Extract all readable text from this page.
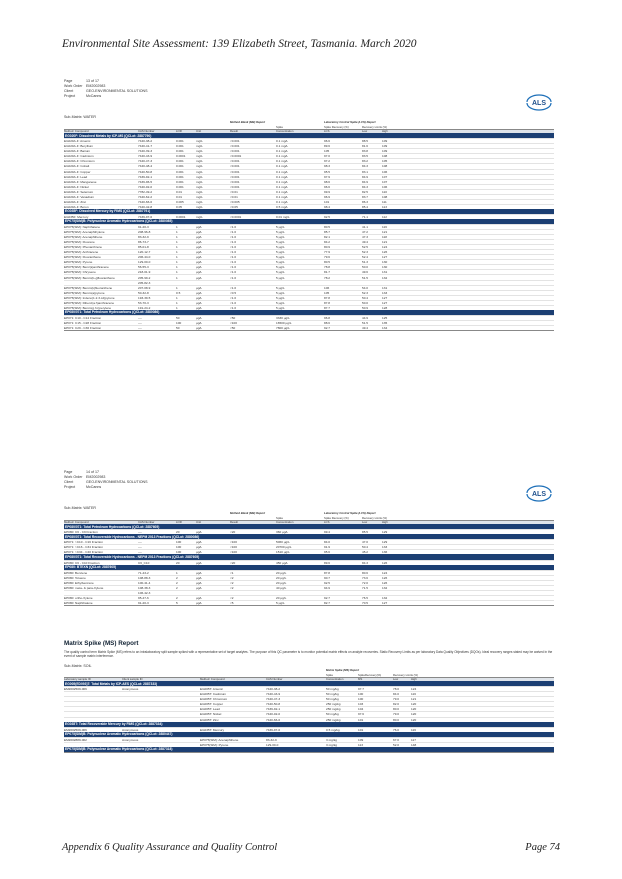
Environmental Site Assessment: 139 Elizabeth Street, Tasmania. March 2020
Page	13 of 17
Work Order EM2002983
Client	GEO-ENVIRONMENTAL SOLUTIONS
Project	McCanns
ALS
Sub-Matrix: WATER
Method Blank (MB) Report	Laboratory Control Spike (LCS) Report
Spike	Spike Recovery (%)	Recovery Limits (%)
Method: Compound	CAS Number	LOR	Unit	Result	Concentration	LCS	Low	High
EG020F: Dissolved Metals by ICP-MS (QCLot: 2887790)
EG020A-F: Arsenic	7440-38-2	0.001	mg/L	<0.001	0.1 mg/L	96.6	88.5	109
EG020A-F: Beryllium	7440-41-7	0.001	mg/L	<0.001	0.1 mg/L	89.6	81.6	109
EG020A-F: Barium	7440-39-3	0.001	mg/L	<0.001	0.1 mg/L	105	83.8	109
EG020A-F: Cadmium	7440-43-9	0.0001	mg/L	<0.0001	0.1 mg/L	97.0	83.5	108
EG020A-F: Chromium	7440-47-3	0.001	mg/L	<0.001	0.1 mg/L	97.2	83.2	105
EG020A-F: Cobalt	7440-48-4	0.001	mg/L	<0.001	0.1 mg/L	98.3	84.3	108
EG020A-F: Copper	7440-50-8	0.001	mg/L	<0.001	0.1 mg/L	95.5	83.1	106
EG020A-F: Lead	7439-92-1	0.001	mg/L	<0.001	0.1 mg/L	97.9	84.9	107
EG020A-F: Manganese	7439-96-5	0.001	mg/L	<0.001	0.1 mg/L	98.6	84.9	107
EG020A-F: Nickel	7440-02-0	0.001	mg/L	<0.001	0.1 mg/L	96.6	84.3	106
EG020A-F: Selenium	7782-49-2	0.01	mg/L	<0.01	0.1 mg/L	99.9	82.5	110
EG020A-F: Vanadium	7440-62-2	0.01	mg/L	<0.01	0.1 mg/L	96.9	83.7	108
EG020A-F: Zinc	7440-66-6	0.005	mg/L	<0.005	0.1 mg/L	101	86.3	111
EG020A-F: Boron	7440-42-8	0.05	mg/L	<0.05	0.5 mg/L	98.4	85.4	113
EG035F: Dissolved Mercury by FIMS (QCLot: 2887791)
EG035F: Mercury	7439-97-6	0.0001	mg/L	<0.0001	0.01 mg/L	92.5	71.1	112
EP075(SIM)B: Polynuclear Aromatic Hydrocarbons (QCLot: 2880085)
EP075(SIM): Naphthalene	91-20-3	1	µg/L	<1.0	5 µg/L	80.5	41.1	116
EP075(SIM): Acenaphthylene	208-96-8	1	µg/L	<1.0	5 µg/L	85.7	47.2	121
EP075(SIM): Acenaphthene	83-32-9	1	µg/L	<1.0	5 µg/L	82.1	47.3	118
EP075(SIM): Fluorene	86-73-7	1	µg/L	<1.0	5 µg/L	84.2	49.4	121
EP075(SIM): Phenanthrene	85-01-8	1	µg/L	<1.0	5 µg/L	80.9	52.5	124
EP075(SIM): Anthracene	120-12-7	1	µg/L	<1.0	5 µg/L	77.9	52.3	126
EP075(SIM): Fluoranthene	206-44-0	1	µg/L	<1.0	5 µg/L	79.6	52.4	127
EP075(SIM): Pyrene	129-00-0	1	µg/L	<1.0	5 µg/L	80.5	51.3	130
EP075(SIM): Benz(a)anthracene	56-55-3	1	µg/L	<1.0	5 µg/L	78.8	50.0	130
EP075(SIM): Chrysene	218-01-9	1	µg/L	<1.0	5 µg/L	81.7	49.6	131
EP075(SIM): Benzo(b+j)fluoranthene	205-99-2	1	µg/L	<1.0	5 µg/L	78.2	51.5	132
205-82-3
EP075(SIM): Benzo(k)fluoranthene	207-08-9	1	µg/L	<1.0	5 µg/L	106	54.0	131
EP075(SIM): Benzo(a)pyrene	50-32-8	0.5	µg/L	<0.5	5 µg/L	105	52.3	133
EP075(SIM): Indeno(1.2.3.cd)pyrene	193-39-5	1	µg/L	<1.0	5 µg/L	87.8	50.4	127
EP075(SIM): Dibenz(a.h)anthracene	53-70-3	1	µg/L	<1.0	5 µg/L	87.8	50.0	127
EP075(SIM): Benzo(g.h.i)perylene	191-24-2	1	µg/L	<1.0	5 µg/L	87.7	50.9	128
EP080/071: Total Petroleum Hydrocarbons (QCLot: 2880086)
EP071: C10 - C14 Fraction	----	50	µg/L	<50	3330 µg/L	96.8	44.9	125
EP071: C15 - C28 Fraction	----	100	µg/L	<100	16500 µg/L	88.6	51.5	135
EP071: C29 - C36 Fraction	----	50	µg/L	<50	7800 µg/L	92.7	49.4	134
Page	14 of 17
Work Order EM2002983
Client	GEO-ENVIRONMENTAL SOLUTIONS
Project	McCanns
ALS
Sub-Matrix: WATER
Method Blank (MB) Report	Laboratory Control Spike (LCS) Report
Spike	Spike Recovery (%)	Recovery Limits (%)
Method: Compound	CAS Number	LOR	Unit	Result	Concentration	LCS	Low	High
EP080/071: Total Petroleum Hydrocarbons (QCLot: 2887605)
EP080: C6 - C9 Fraction	----	20	µg/L	<20	360 µg/L	99.4	85.5	129
EP080/071: Total Recoverable Hydrocarbons - NEPM 2013 Fractions (QCLot: 2880086)
EP071: >C10 - C16 Fraction	----	100	µg/L	<100	5060 µg/L	84.0	47.0	129
EP071: >C16 - C34 Fraction	----	100	µg/L	<100	20700 µg/L	91.9	50.4	133
EP071: >C34 - C40 Fraction	----	100	µg/L	<100	1510 µg/L	95.6	45.2	136
EP080/071: Total Recoverable Hydrocarbons - NEPM 2013 Fractions (QCLot: 2887605)
EP080: C6 - C10 Fraction	C6_C10	20	µg/L	<20	450 µg/L	89.6	84.3	126
EP080: BTEXN (QCLot: 2887605)
EP080: Benzene	71-43-2	1	µg/L	<1	20 µg/L	87.8	80.6	124
EP080: Toluene	108-88-3	2	µg/L	<2	20 µg/L	90.7	73.6	126
EP080: Ethylbenzene	100-41-4	2	µg/L	<2	20 µg/L	92.5	72.0	126
EP080: meta- & para-Xylene	108-38-3	2	µg/L	<2	40 µg/L	94.9	71.5	132
106-42-3
EP080: ortho-Xylene	95-47-6	2	µg/L	<2	20 µg/L	92.7	76.5	132
EP080: Naphthalene	91-20-3	5	µg/L	<5	5 µg/L	82.7	70.5	127
Matrix Spike (MS) Report
The quality control term Matrix Spike (MS) refers to an intralaboratory split sample spiked with a representative set of target analytes. The purpose of this QC parameter is to monitor potential matrix effects on analyte recoveries. Static Recovery Limits as per laboratory Data Quality Objectives (DQOs). Ideal recovery ranges stated may be waived in the event of sample matrix interference.
Sub-Matrix: SOIL
Matrix Spike (MS) Report
Spike	SpikeRecovery(%)	Recovery Limits (%)
Laboratory sample ID	Client sample ID	Method: Compound	CAS Number	Concentration	MS	Low	High
EG005(ED093)T: Total Metals by ICP-AES (QCLot: 2887333)
EM2002509-006	Anonymous	EG005T: Arsenic	7440-38-2	50 mg/kg	97.7	78.0	124
EG005T: Cadmium	7440-43-9	50 mg/kg	100	84.0	116
EG005T: Chromium	7440-47-3	50 mg/kg	100	79.0	121
EG005T: Copper	7440-50-8	250 mg/kg	103	82.0	120
EG005T: Lead	7439-92-1	250 mg/kg	104	80.0	120
EG005T: Nickel	7440-02-0	50 mg/kg	97.6	79.0	120
EG005T: Zinc	7440-66-6	250 mg/kg	101	80.0	120
EG035T: Total Recoverable Mercury by FIMS (QCLot: 2887334)
EM2002509-006	Anonymous	EG035T: Mercury	7439-97-6	0.5 mg/kg	101	76.0	116
EP075(SIM)B: Polynuclear Aromatic Hydrocarbons (QCLot: 2880447)
EM2002889-002	Anonymous	EP075(SIM): Acenaphthene	83-32-9	3 mg/kg	109	67.0	117
EP075(SIM): Pyrene	129-00-0	3 mg/kg	113	52.0	148
EP075(SIM)B: Polynuclear Aromatic Hydrocarbons (QCLot: 2887318)
Appendix 6 Quality Assurance and Quality Control	Page 74
